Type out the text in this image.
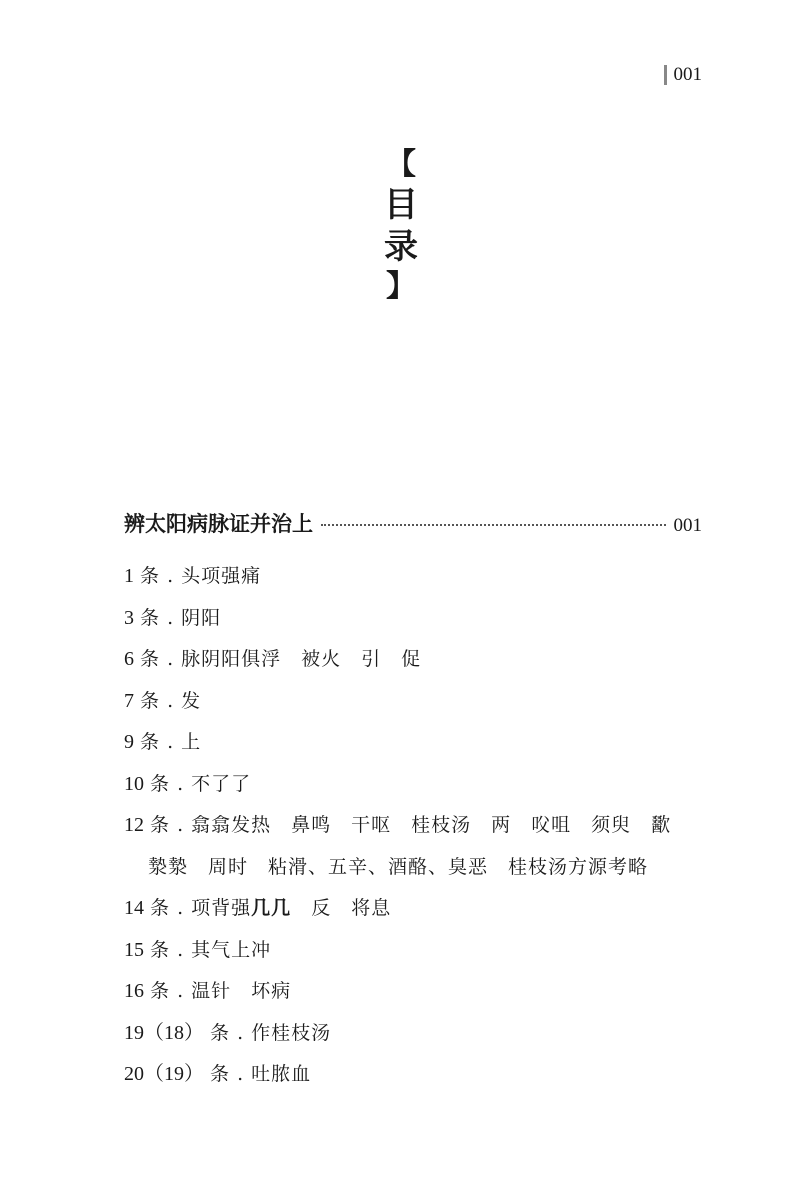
001
【
目
录
】
辨太阳病脉证并治上	001
1 条 . 头项强痛
3 条 . 阴阳
6 条 . 脉阴阳俱浮　被火　引　促
7 条 . 发
9 条 . 上
10 条 . 不了了
12 条 . 翕翕发热　鼻鸣　干呕　桂枝汤　两　㕮咀　须臾　歠
漐漐　周时　粘滑、五辛、酒酪、臭恶　桂枝汤方源考略
14 条 . 项背强几几　反　将息
15 条 . 其气上冲
16 条 . 温针　坏病
19（18） 条 . 作桂枝汤
20（19） 条 . 吐脓血
